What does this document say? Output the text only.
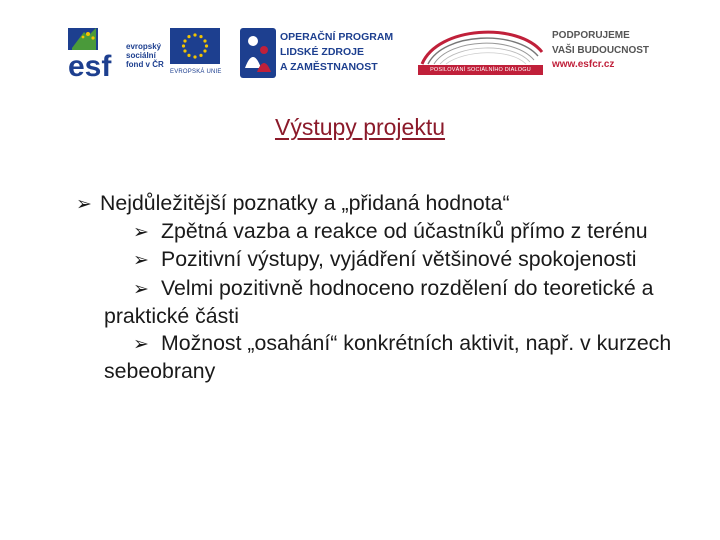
esf
evropský
sociální
fond v ČR
EVROPSKÁ UNIE
OPERAČNÍ PROGRAM
LIDSKÉ ZDROJE
A ZAMĚSTNANOST	POSILOVÁNÍ SOCIÁLNÍHO DIALOGU
PODPORUJEME
VAŠI BUDOUCNOST
www.esfcr.cz
Výstupy projektu
➢ Nejdůležitější poznatky a „přidaná hodnota“
➢ Zpětná vazba a reakce od účastníků přímo z terénu
➢ Pozitivní výstupy, vyjádření většinové spokojenosti
➢ Velmi pozitivně hodnoceno rozdělení do teoretické a praktické části
➢ Možnost „osahání“ konkrétních aktivit, např. v kurzech sebeobrany
